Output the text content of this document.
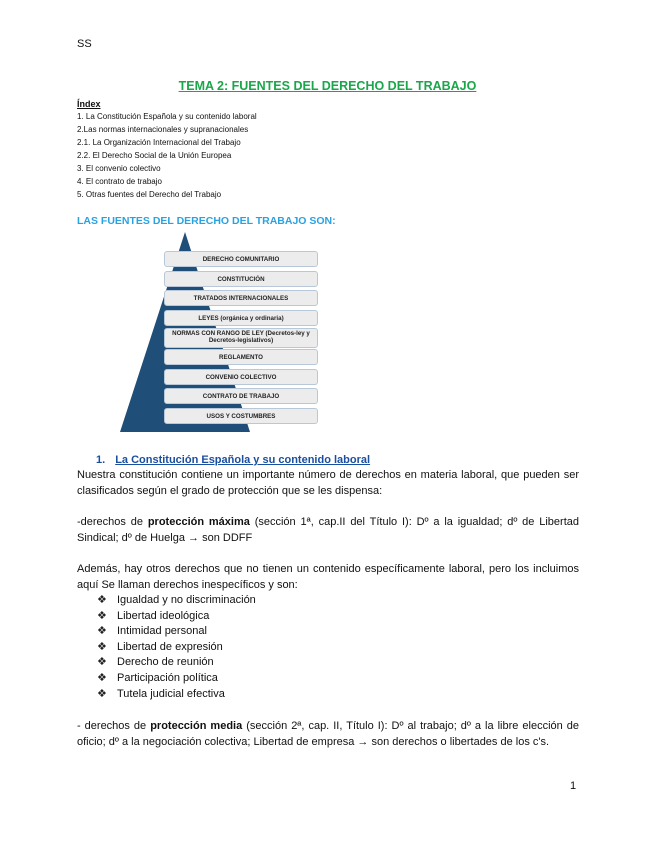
SS
TEMA 2: FUENTES DEL DERECHO DEL TRABAJO
Índex
1. La Constitución Española y su contenido laboral
2.Las normas internacionales y supranacionales
2.1. La Organización Internacional del Trabajo
2.2. El Derecho Social de la Unión Europea
3. El convenio colectivo
4. El contrato de trabajo
5. Otras fuentes del Derecho del Trabajo
LAS FUENTES DEL DERECHO DEL TRABAJO SON:
DERECHO COMUNITARIO
CONSTITUCIÓN
TRATADOS INTERNACIONALES
LEYES (orgánica y ordinaria)
NORMAS CON RANGO DE LEY (Decretos-ley y Decretos-legislativos)
REGLAMENTO
CONVENIO COLECTIVO
CONTRATO DE TRABAJO
USOS Y COSTUMBRES
1. La Constitución Española y su contenido laboral
Nuestra constitución contiene un importante número de derechos en materia laboral, que pueden ser clasificados según el grado de protección que se les dispensa:
-derechos de protección máxima (sección 1ª, cap.II del Título I): Dº a la igualdad; dº de Libertad Sindical; dº de Huelga → son DDFF
Además, hay otros derechos que no tienen un contenido específicamente laboral, pero los incluimos aquí Se llaman derechos inespecíficos y son:
❖ Igualdad y no discriminación
❖ Libertad ideológica
❖ Intimidad personal
❖ Libertad de expresión
❖ Derecho de reunión
❖ Participación política
❖ Tutela judicial efectiva
- derechos de protección media (sección 2ª, cap. II, Título I): Dº al trabajo; dº a la libre elección de oficio; dº a la negociación colectiva; Libertad de empresa → son derechos o libertades de los c's.
1
